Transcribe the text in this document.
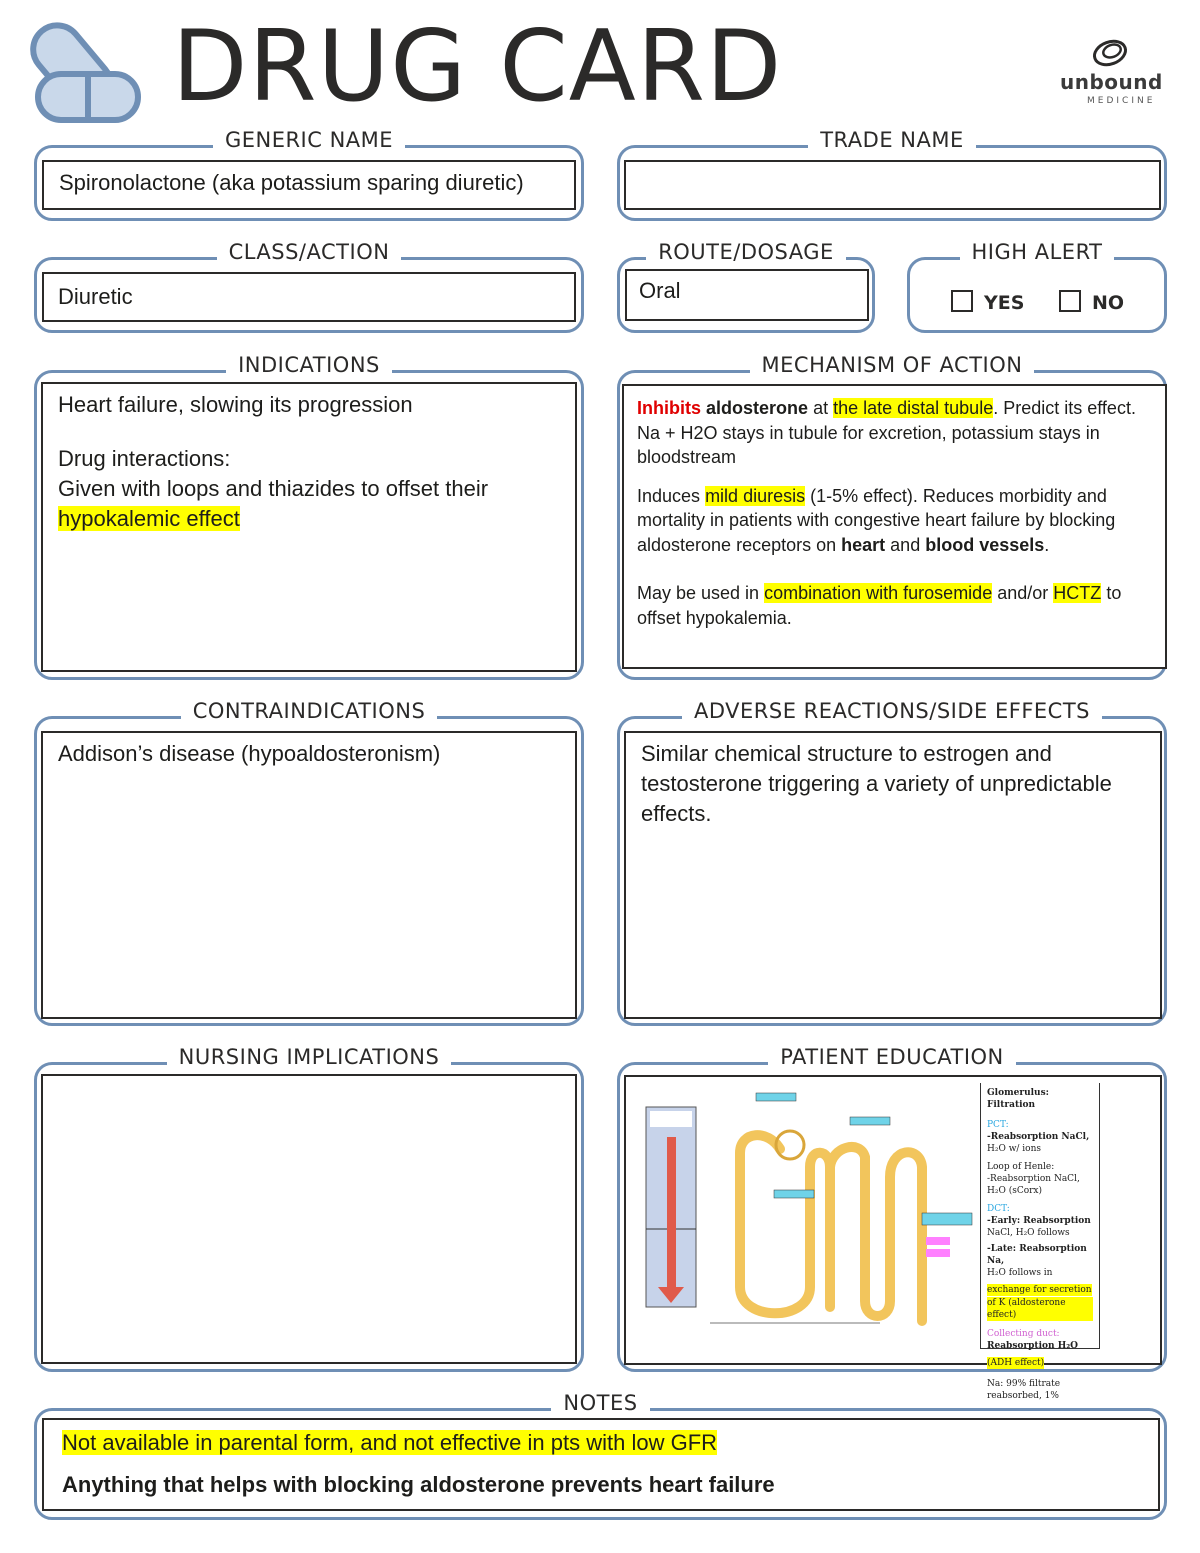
DRUG CARD	unbound
MEDICINE
GENERIC NAME
Spironolactone (aka potassium sparing diuretic)
TRADE NAME
CLASS/ACTION
Diuretic
ROUTE/DOSAGE
Oral
HIGH ALERT
YES	NO
INDICATIONS
Heart failure, slowing its progression
Drug interactions:
Given with loops and thiazides to offset their
hypokalemic effect
MECHANISM OF ACTION
Inhibits aldosterone at the late distal tubule. Predict its effect. Na + H2O stays in tubule for excretion, potassium stays in bloodstream
Induces mild diuresis (1-5% effect). Reduces morbidity and mortality in patients with congestive heart failure by blocking aldosterone receptors on heart and blood vessels.
May be used in combination with furosemide and/or HCTZ to offset hypokalemia.
CONTRAINDICATIONS
Addison’s disease (hypoaldosteronism)
ADVERSE REACTIONS/SIDE EFFECTS
Similar chemical structure to estrogen and testosterone triggering a variety of unpredictable effects.
NURSING IMPLICATIONS	PATIENT EDUCATION
Glomerulus: Filtration
PCT:
-Reabsorption NaCl,
H₂O w/ ions
Loop of Henle:
-Reabsorption NaCl,
H₂O (sCorx)
DCT:
-Early: Reabsorption
NaCl, H₂O follows
-Late: Reabsorption Na,
H₂O follows in
exchange for secretion of K (aldosterone effect)
Collecting duct:
Reabsorption H₂O
(ADH effect)
Na: 99% filtrate
reabsorbed, 1%
NOTES
Not available in parental form, and not effective in pts with low GFR
Anything that helps with blocking aldosterone prevents heart failure
